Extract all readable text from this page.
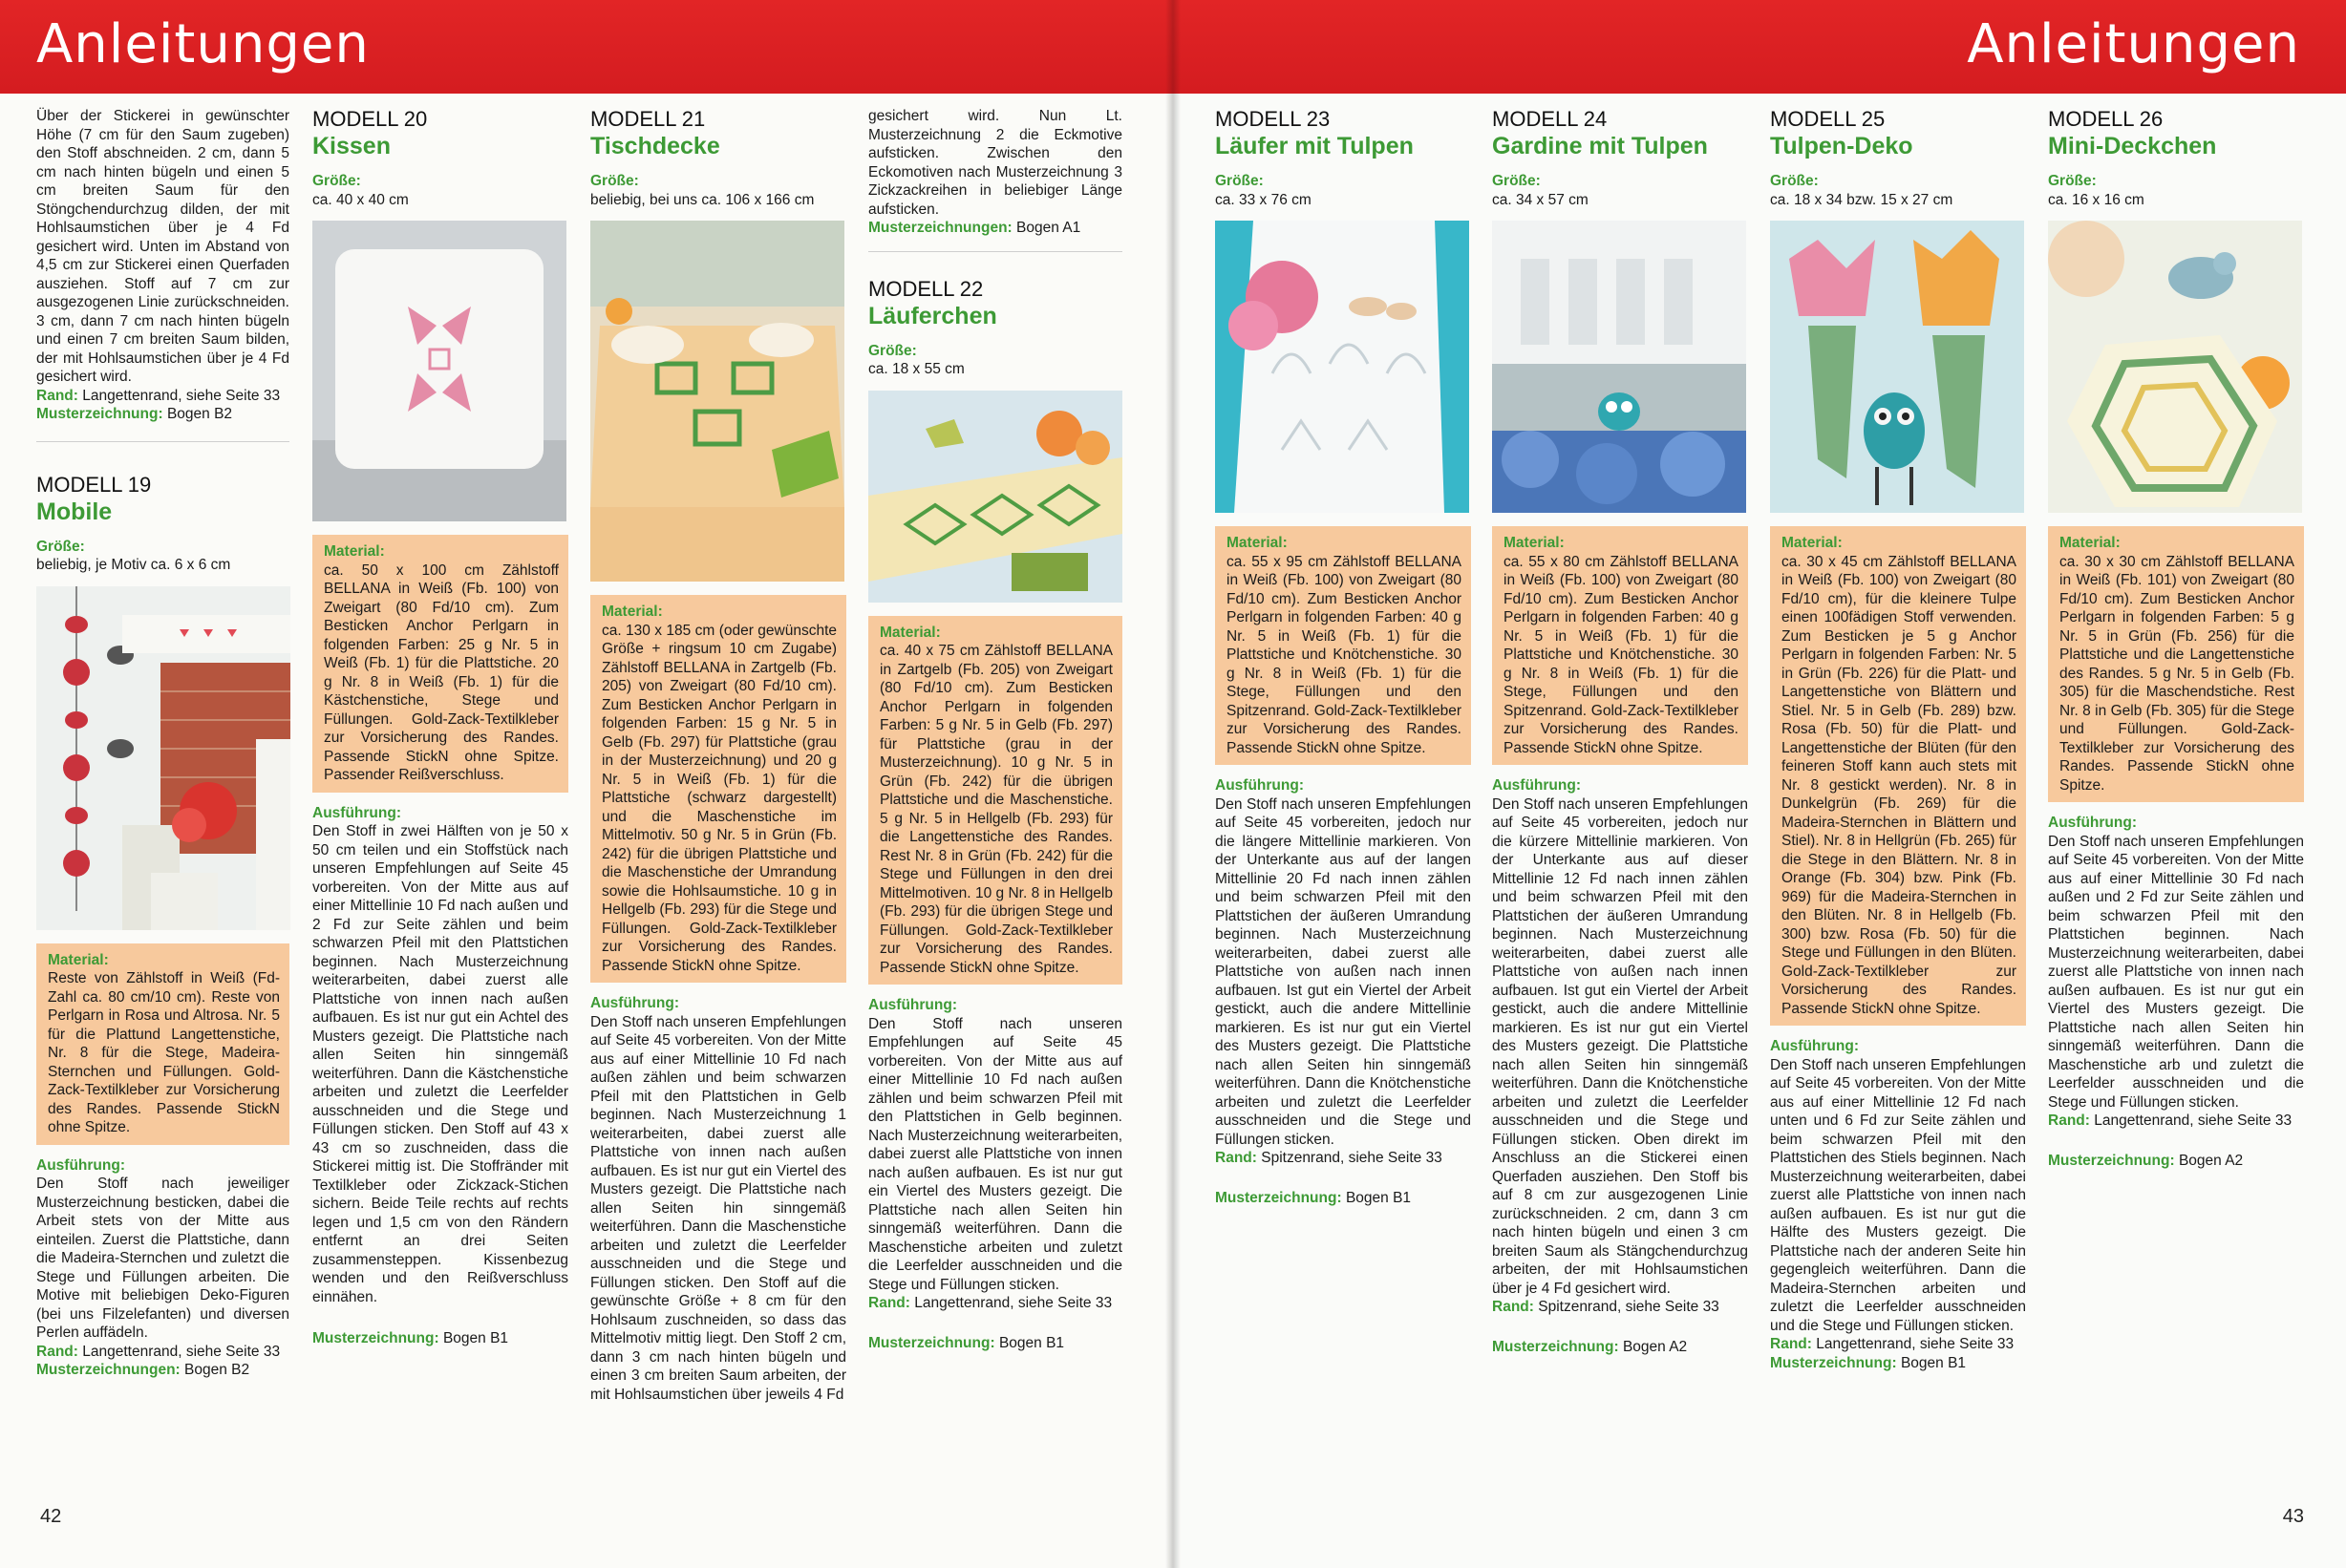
Anleitungen

Über der Stickerei in gewünschter Höhe (7 cm für den Saum zugeben) den Stoff abschneiden. 2 cm, dann 5 cm nach hinten bügeln und einen 5 cm breiten Saum für den Stöngchendurchzug dilden, der mit Hohlsaumstichen über je 4 Fd gesichert wird. Unten im Abstand von 4,5 cm zur Stickerei einen Querfaden ausziehen. Stoff auf 7 cm zur ausgezogenen Linie zurückschneiden. 3 cm, dann 7 cm nach hinten bügeln und einen 7 cm breiten Saum bilden, der mit Hohlsaumstichen über je 4 Fd gesichert wird.

Rand: Langettenrand, siehe Seite 33

Musterzeichnung: Bogen B2

MODELL 19
Mobile
Größe:
beliebig, je Motiv ca. 6 x 6 cm
Material:

Reste von Zählstoff in Weiß (Fd-Zahl ca. 80 cm/10 cm). Reste von Perlgarn in Rosa und Altrosa. Nr. 5 für die Plattund Langettenstiche, Nr. 8 für die Stege, Madeira-Sternchen und Füllungen. Gold-Zack-Textilkleber zur Vorsicherung des Randes. Passende StickN ohne Spitze.

Ausführung:

Den Stoff nach jeweiliger Musterzeichnung besticken, dabei die Arbeit stets von der Mitte aus einteilen. Zuerst die Plattstiche, dann die Madeira-Sternchen und zuletzt die Stege und Füllungen arbeiten. Die Motive mit beliebigen Deko-Figuren (bei uns Filzelefanten) und diversen Perlen auffädeln.

Rand: Langettenrand, siehe Seite 33

Musterzeichnungen: Bogen B2

MODELL 20
Kissen
Größe:
ca. 40 x 40 cm
Material:

ca. 50 x 100 cm Zählstoff BELLANA in Weiß (Fb. 100) von Zweigart (80 Fd/10 cm). Zum Besticken Anchor Perlgarn in folgenden Farben: 25 g Nr. 5 in Weiß (Fb. 1) für die Plattstiche. 20 g Nr. 8 in Weiß (Fb. 1) für die Kästchenstiche, Stege und Füllungen. Gold-Zack-Textilkleber zur Vorsicherung des Randes. Passende StickN ohne Spitze. Passender Reißverschluss.

Ausführung:

Den Stoff in zwei Hälften von je 50 x 50 cm teilen und ein Stoffstück nach unseren Empfehlungen auf Seite 45 vorbereiten. Von der Mitte aus auf einer Mittellinie 10 Fd nach außen und 2 Fd zur Seite zählen und beim schwarzen Pfeil mit den Plattstichen beginnen. Nach Musterzeichnung weiterarbeiten, dabei zuerst alle Plattstiche von innen nach außen aufbauen. Es ist nur gut ein Achtel des Musters gezeigt. Die Plattstiche nach allen Seiten hin sinngemäß weiterführen. Dann die Kästchenstiche arbeiten und zuletzt die Leerfelder ausschneiden und die Stege und Füllungen sticken. Den Stoff auf 43 x 43 cm so zuschneiden, dass die Stickerei mittig ist. Die Stoffränder mit Textilkleber oder Zickzack-Stichen sichern. Beide Teile rechts auf rechts legen und 1,5 cm von den Rändern entfernt an drei Seiten zusammensteppen. Kissenbezug wenden und den Reißverschluss einnähen.

Musterzeichnung: Bogen B1

MODELL 21
Tischdecke
Größe:
beliebig, bei uns ca. 106 x 166 cm
Material:

ca. 130 x 185 cm (oder gewünschte Größe + ringsum 10 cm Zugabe) Zählstoff BELLANA in Zartgelb (Fb. 205) von Zweigart (80 Fd/10 cm). Zum Besticken Anchor Perlgarn in folgenden Farben: 15 g Nr. 5 in Gelb (Fb. 297) für Plattstiche (grau in der Musterzeichnung) und 20 g Nr. 5 in Weiß (Fb. 1) für die Plattstiche (schwarz dargestellt) und die Maschenstiche im Mittelmotiv. 50 g Nr. 5 in Grün (Fb. 242) für die übrigen Plattstiche und die Maschenstiche der Umrandung sowie die Hohlsaumstiche. 10 g in Hellgelb (Fb. 293) für die Stege und Füllungen. Gold-Zack-Textilkleber zur Vorsicherung des Randes. Passende StickN ohne Spitze.

Ausführung:

Den Stoff nach unseren Empfehlungen auf Seite 45 vorbereiten. Von der Mitte aus auf einer Mittellinie 10 Fd nach außen zählen und beim schwarzen Pfeil mit den Plattstichen in Gelb beginnen. Nach Musterzeichnung 1 weiterarbeiten, dabei zuerst alle Plattstiche von innen nach außen aufbauen. Es ist nur gut ein Viertel des Musters gezeigt. Die Plattstiche nach allen Seiten hin sinngemäß weiterführen. Dann die Maschenstiche arbeiten und zuletzt die Leerfelder ausschneiden und die Stege und Füllungen sticken. Den Stoff auf die gewünschte Größe + 8 cm für den Hohlsaum zuschneiden, so dass das Mittelmotiv mittig liegt. Den Stoff 2 cm, dann 3 cm nach hinten bügeln und einen 3 cm breiten Saum arbeiten, der mit Hohlsaumstichen über jeweils 4 Fd

gesichert wird. Nun Lt. Musterzeichnung 2 die Eckmotive aufsticken. Zwischen den Eckomotiven nach Musterzeichnung 3 Zickzackreihen in beliebiger Länge aufsticken.

Musterzeichnungen: Bogen A1

MODELL 22
Läuferchen
Größe:
ca. 18 x 55 cm
Material:

ca. 40 x 75 cm Zählstoff BELLANA in Zartgelb (Fb. 205) von Zweigart (80 Fd/10 cm). Zum Besticken Anchor Perlgarn in folgenden Farben: 5 g Nr. 5 in Gelb (Fb. 297) für Plattstiche (grau in der Musterzeichnung). 10 g Nr. 5 in Grün (Fb. 242) für die übrigen Plattstiche und die Maschenstiche. 5 g Nr. 5 in Hellgelb (Fb. 293) für die Langettenstiche des Randes. Rest Nr. 8 in Grün (Fb. 242) für die Stege und Füllungen in den drei Mittelmotiven. 10 g Nr. 8 in Hellgelb (Fb. 293) für die übrigen Stege und Füllungen. Gold-Zack-Textilkleber zur Vorsicherung des Randes. Passende StickN ohne Spitze.

Ausführung:

Den Stoff nach unseren Empfehlungen auf Seite 45 vorbereiten. Von der Mitte aus auf einer Mittellinie 10 Fd nach außen zählen und beim schwarzen Pfeil mit den Plattstichen in Gelb beginnen. Nach Musterzeichnung weiterarbeiten, dabei zuerst alle Plattstiche von innen nach außen aufbauen. Es ist nur gut ein Viertel des Musters gezeigt. Die Plattstiche nach allen Seiten hin sinngemäß weiterführen. Dann die Maschenstiche arbeiten und zuletzt die Leerfelder ausschneiden und die Stege und Füllungen sticken.

Rand: Langettenrand, siehe Seite 33

Musterzeichnung: Bogen B1

42
Anleitungen
MODELL 23
Läufer mit Tulpen
Größe:
ca. 33 x 76 cm
Material:

ca. 55 x 95 cm Zählstoff BELLANA in Weiß (Fb. 100) von Zweigart (80 Fd/10 cm). Zum Besticken Anchor Perlgarn in folgenden Farben: 40 g Nr. 5 in Weiß (Fb. 1) für die Plattstiche und Knötchenstiche. 30 g Nr. 8 in Weiß (Fb. 1) für die Stege, Füllungen und den Spitzenrand. Gold-Zack-Textilkleber zur Vorsicherung des Randes. Passende StickN ohne Spitze.

Ausführung:

Den Stoff nach unseren Empfehlungen auf Seite 45 vorbereiten, jedoch nur die längere Mittellinie markieren. Von der Unterkante aus auf der langen Mittellinie 20 Fd nach innen zählen und beim schwarzen Pfeil mit den Plattstichen der äußeren Umrandung beginnen. Nach Musterzeichnung weiterarbeiten, dabei zuerst alle Plattstiche von außen nach innen aufbauen. Ist gut ein Viertel der Arbeit gestickt, auch die andere Mittellinie markieren. Es ist nur gut ein Viertel des Musters gezeigt. Die Plattstiche nach allen Seiten hin sinngemäß weiterführen. Dann die Knötchenstiche arbeiten und zuletzt die Leerfelder ausschneiden und die Stege und Füllungen sticken.

Rand: Spitzenrand, siehe Seite 33

Musterzeichnung: Bogen B1

MODELL 24
Gardine mit Tulpen
Größe:
ca. 34 x 57 cm
Material:

ca. 55 x 80 cm Zählstoff BELLANA in Weiß (Fb. 100) von Zweigart (80 Fd/10 cm). Zum Besticken Anchor Perlgarn in folgenden Farben: 40 g Nr. 5 in Weiß (Fb. 1) für die Plattstiche und Knötchenstiche. 30 g Nr. 8 in Weiß (Fb. 1) für die Stege, Füllungen und den Spitzenrand. Gold-Zack-Textilkleber zur Vorsicherung des Randes. Passende StickN ohne Spitze.

Ausführung:

Den Stoff nach unseren Empfehlungen auf Seite 45 vorbereiten, jedoch nur die kürzere Mittellinie markieren. Von der Unterkante aus auf dieser Mittellinie 12 Fd nach innen zählen und beim schwarzen Pfeil mit den Plattstichen der äußeren Umrandung beginnen. Nach Musterzeichnung weiterarbeiten, dabei zuerst alle Plattstiche von außen nach innen aufbauen. Ist gut ein Viertel der Arbeit gestickt, auch die andere Mittellinie markieren. Es ist nur gut ein Viertel des Musters gezeigt. Die Plattstiche nach allen Seiten hin sinngemäß weiterführen. Dann die Knötchenstiche arbeiten und zuletzt die Leerfelder ausschneiden und die Stege und Füllungen sticken. Oben direkt im Anschluss an die Stickerei einen Querfaden ausziehen. Den Stoff bis auf 8 cm zur ausgezogenen Linie zurückschneiden. 2 cm, dann 3 cm nach hinten bügeln und einen 3 cm breiten Saum als Stängchendurchzug arbeiten, der mit Hohlsaumstichen über je 4 Fd gesichert wird.

Rand: Spitzenrand, siehe Seite 33

Musterzeichnung: Bogen A2

MODELL 25
Tulpen-Deko
Größe:
ca. 18 x 34 bzw. 15 x 27 cm
Material:

ca. 30 x 45 cm Zählstoff BELLANA in Weiß (Fb. 100) von Zweigart (80 Fd/10 cm), für die kleinere Tulpe einen 100fädigen Stoff verwenden. Zum Besticken je 5 g Anchor Perlgarn in folgenden Farben: Nr. 5 in Grün (Fb. 226) für die Platt- und Langettenstiche von Blättern und Stiel. Nr. 5 in Gelb (Fb. 289) bzw. Rosa (Fb. 50) für die Platt- und Langettenstiche der Blüten (für den feineren Stoff kann auch stets mit Nr. 8 gestickt werden). Nr. 8 in Dunkelgrün (Fb. 269) für die Madeira-Sternchen in Blättern und Stiel). Nr. 8 in Hellgrün (Fb. 265) für die Stege in den Blättern. Nr. 8 in Orange (Fb. 304) bzw. Pink (Fb. 969) für die Madeira-Sternchen in den Blüten. Nr. 8 in Hellgelb (Fb. 300) bzw. Rosa (Fb. 50) für die Stege und Füllungen in den Blüten. Gold-Zack-Textilkleber zur Vorsicherung des Randes. Passende StickN ohne Spitze.

Ausführung:

Den Stoff nach unseren Empfehlungen auf Seite 45 vorbereiten. Von der Mitte aus auf einer Mittellinie 12 Fd nach unten und 6 Fd zur Seite zählen und beim schwarzen Pfeil mit den Plattstichen des Stiels beginnen. Nach Musterzeichnung weiterarbeiten, dabei zuerst alle Plattstiche von innen nach außen aufbauen. Es ist nur gut die Hälfte des Musters gezeigt. Die Plattstiche nach der anderen Seite hin gegengleich weiterführen. Dann die Madeira-Sternchen arbeiten und zuletzt die Leerfelder ausschneiden und die Stege und Füllungen sticken.

Rand: Langettenrand, siehe Seite 33

Musterzeichnung: Bogen B1

MODELL 26
Mini-Deckchen
Größe:
ca. 16 x 16 cm
Material:

ca. 30 x 30 cm Zählstoff BELLANA in Weiß (Fb. 101) von Zweigart (80 Fd/10 cm). Zum Besticken Anchor Perlgarn in folgenden Farben: 5 g Nr. 5 in Grün (Fb. 256) für die Plattstiche und die Langettenstiche des Randes. 5 g Nr. 5 in Gelb (Fb. 305) für die Maschendstiche. Rest Nr. 8 in Gelb (Fb. 305) für die Stege und Füllungen. Gold-Zack-Textilkleber zur Vorsicherung des Randes. Passende StickN ohne Spitze.

Ausführung:

Den Stoff nach unseren Empfehlungen auf Seite 45 vorbereiten. Von der Mitte aus auf einer Mittellinie 30 Fd nach außen und 2 Fd zur Seite zählen und beim schwarzen Pfeil mit den Plattstichen beginnen. Nach Musterzeichnung weiterarbeiten, dabei zuerst alle Plattstiche von innen nach außen aufbauen. Es ist nur gut ein Viertel des Musters gezeigt. Die Plattstiche nach allen Seiten hin sinngemäß weiterführen. Dann die Maschenstiche arb und zuletzt die Leerfelder ausschneiden und die Stege und Füllungen sticken.

Rand: Langettenrand, siehe Seite 33

Musterzeichnung: Bogen A2

43
